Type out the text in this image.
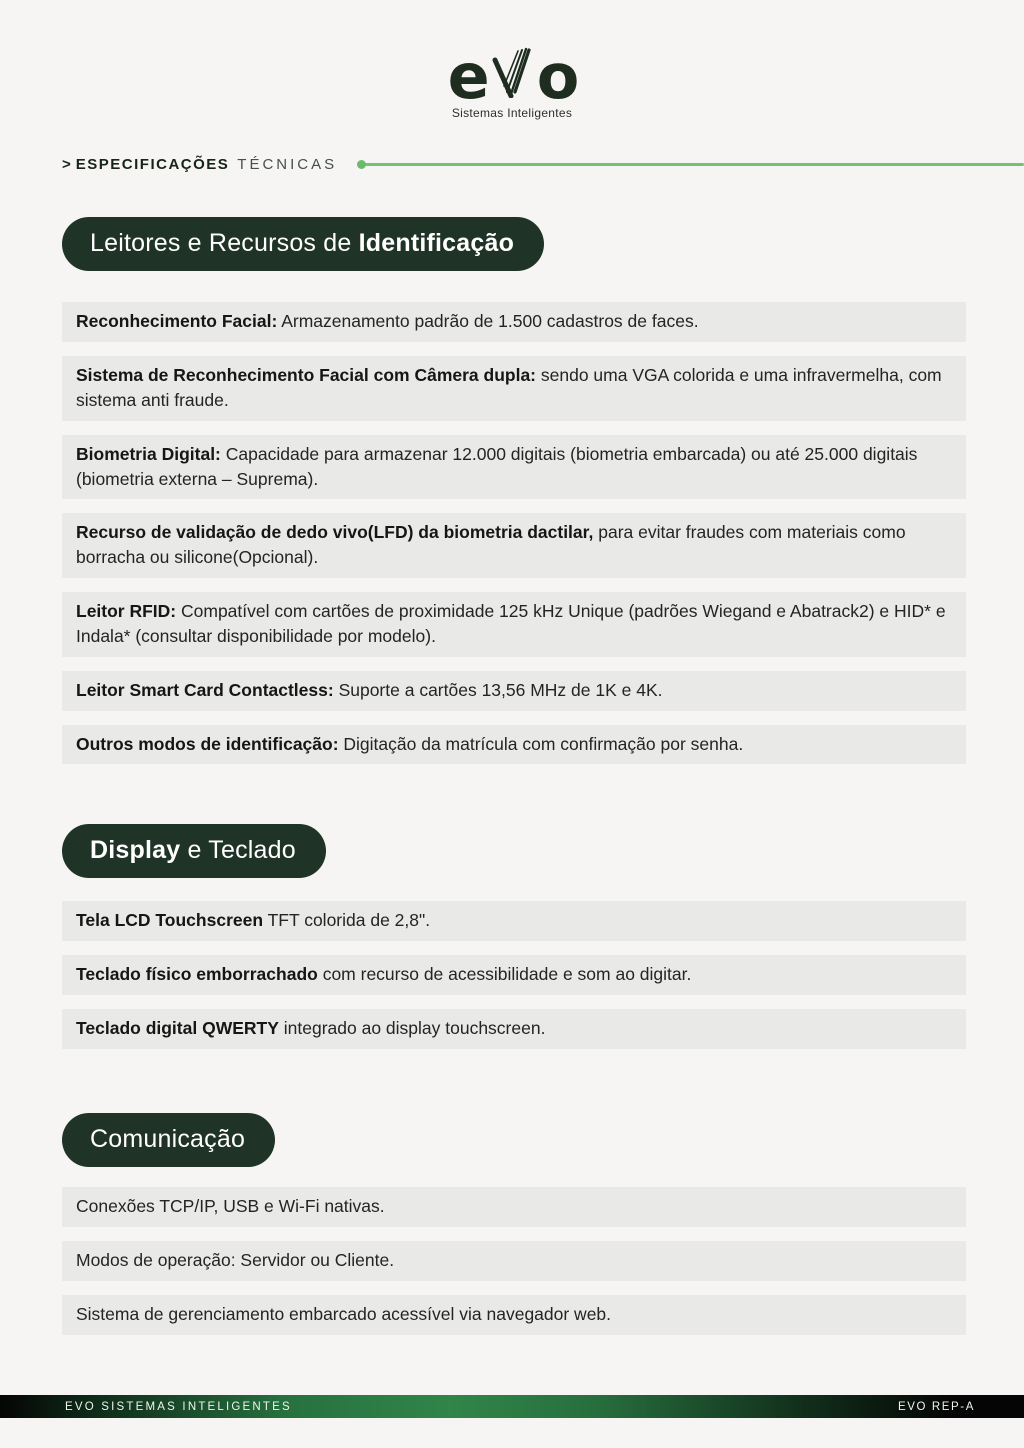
e o
Sistemas Inteligentes
> ESPECIFICAÇÕES TÉCNICAS
Leitores e Recursos de Identificação
Reconhecimento Facial: Armazenamento padrão de 1.500 cadastros de faces.
Sistema de Reconhecimento Facial com Câmera dupla: sendo uma VGA colorida e uma infravermelha, com sistema anti fraude.
Biometria Digital: Capacidade para armazenar 12.000 digitais (biometria embarcada) ou até 25.000 digitais (biometria externa – Suprema).
Recurso de validação de dedo vivo(LFD) da biometria dactilar, para evitar fraudes com materiais como borracha ou silicone(Opcional).
Leitor RFID: Compatível com cartões de proximidade 125 kHz Unique (padrões Wiegand e Abatrack2) e HID* e Indala* (consultar disponibilidade por modelo).
Leitor Smart Card Contactless: Suporte a cartões 13,56 MHz de 1K e 4K.
Outros modos de identificação: Digitação da matrícula com confirmação por senha.
Display e Teclado
Tela LCD Touchscreen TFT colorida de 2,8".
Teclado físico emborrachado com recurso de acessibilidade e som ao digitar.
Teclado digital QWERTY integrado ao display touchscreen.
Comunicação
Conexões TCP/IP, USB e Wi-Fi nativas.
Modos de operação: Servidor ou Cliente.
Sistema de gerenciamento embarcado acessível via navegador web.
EVO SISTEMAS INTELIGENTES	EVO REP-A
